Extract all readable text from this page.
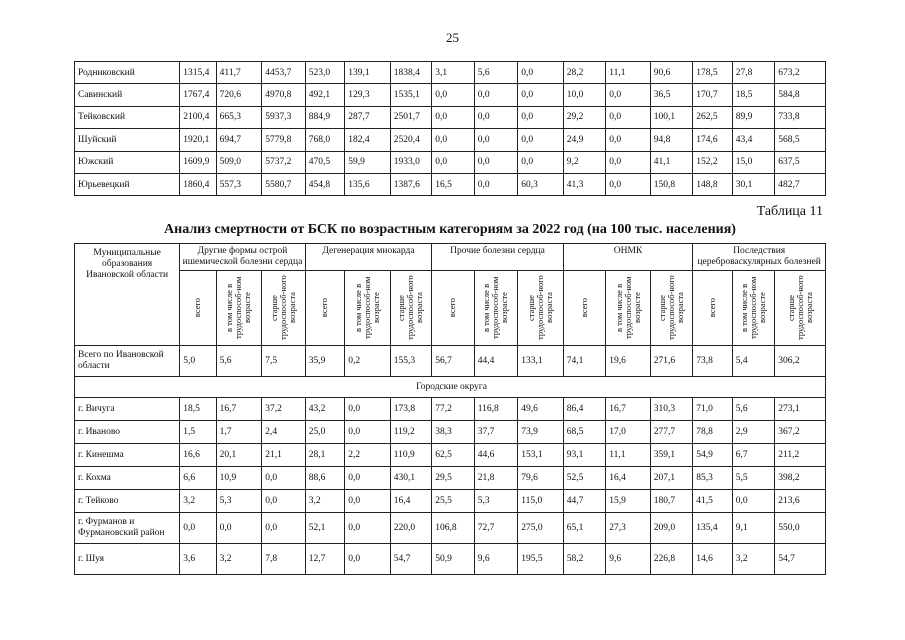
25
Родниковский	1315,4	411,7	4453,7	523,0	139,1	1838,4	3,1	5,6	0,0	28,2	11,1	90,6	178,5	27,8	673,2
Савинский	1767,4	720,6	4970,8	492,1	129,3	1535,1	0,0	0,0	0,0	10,0	0,0	36,5	170,7	18,5	584,8
Тейковский	2100,4	665,3	5937,3	884,9	287,7	2501,7	0,0	0,0	0,0	29,2	0,0	100,1	262,5	89,9	733,8
Шуйский	1920,1	694,7	5779,8	768,0	182,4	2520,4	0,0	0,0	0,0	24,9	0,0	94,8	174,6	43,4	568,5
Южский	1609,9	509,0	5737,2	470,5	59,9	1933,0	0,0	0,0	0,0	9,2	0,0	41,1	152,2	15,0	637,5
Юрьевецкий	1860,4	557,3	5580,7	454,8	135,6	1387,6	16,5	0,0	60,3	41,3	0,0	150,8	148,8	30,1	482,7
Таблица 11
Анализ смертности от БСК по возрастным категориям за 2022 год (на 100 тыс. населения)
Муниципальные образования Ивановской области	Другие формы острой ишемической болезни сердца			Дегенерация миокарда			Прочие болезни сердца			ОНМК			Последствия цереброваскулярных болезней		

	всего	в том числе в трудоспособ-ном возрасте	старше трудоспособ-ного возраста	всего	в том числе в трудоспособ-ном возрасте	старше трудоспособ-ного возраста	всего	в том числе в трудоспособ-ном возрасте	старше трудоспособ-ного возраста	всего	в том числе в трудоспособ-ном возрасте	старше трудоспособ-ного возраста	всего	в том числе в трудоспособ-ном возрасте	старше трудоспособ-ного возраста

Всего по Ивановской области	5,0	5,6	7,5	35,9	0,2	155,3	56,7	44,4	133,1	74,1	19,6	271,6	73,8	5,4	306,2
Городские округа															
г. Вичуга	18,5	16,7	37,2	43,2	0,0	173,8	77,2	116,8	49,6	86,4	16,7	310,3	71,0	5,6	273,1
г. Иваново	1,5	1,7	2,4	25,0	0,0	119,2	38,3	37,7	73,9	68,5	17,0	277,7	78,8	2,9	367,2
г. Кинешма	16,6	20,1	21,1	28,1	2,2	110,9	62,5	44,6	153,1	93,1	11,1	359,1	54,9	6,7	211,2
г. Кохма	6,6	10,9	0,0	88,6	0,0	430,1	29,5	21,8	79,6	52,5	16,4	207,1	85,3	5,5	398,2
г. Тейково	3,2	5,3	0,0	3,2	0,0	16,4	25,5	5,3	115,0	44,7	15,9	180,7	41,5	0,0	213,6
г. Фурманов и Фурмановский район	0,0	0,0	0,0	52,1	0,0	220,0	106,8	72,7	275,0	65,1	27,3	209,0	135,4	9,1	550,0
г. Шуя	3,6	3,2	7,8	12,7	0,0	54,7	50,9	9,6	195,5	58,2	9,6	226,8	14,6	3,2	54,7
